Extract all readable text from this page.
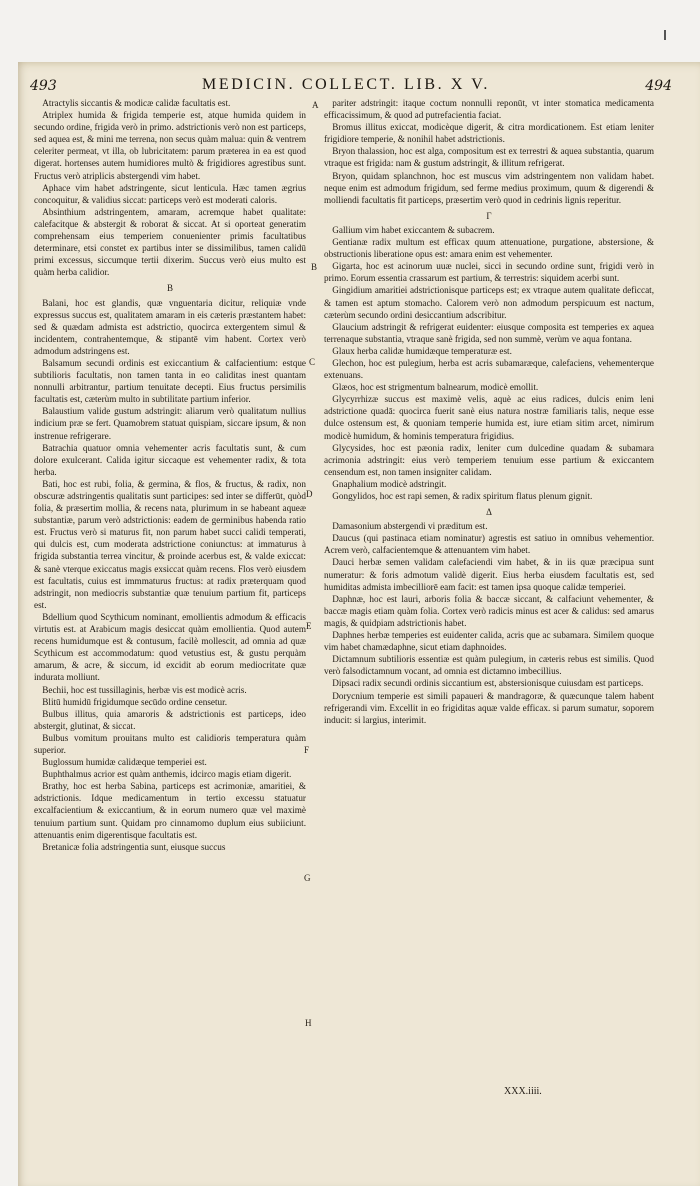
493	MEDICIN. COLLECT. LIB. X V.	494

Atractylis siccantis & modicæ calidæ facultatis est.

Atriplex humida & frigida temperie est, atque humida quidem in secundo ordine, frigida verò in primo. adstrictionis verò non est particeps, sed aquea est, & mini me terrena, non secus quàm malua: quin & ventrem celeriter permeat, vt illa, ob lubricitatem: parum præterea in ea est quod digerat. hortenses autem humidiores multò & frigidiores agrestibus sunt. Fructus verò atriplicis abstergendi vim habet.

Aphace vim habet adstringente, sicut lenticula. Hæc tamen ægrius concoquitur, & validius siccat: particeps verò est moderati caloris.

Absinthium adstringentem, amaram, acremque habet qualitate: calefacitque & abstergit & roborat & siccat. At si oporteat generatim comprehensam eius temperiem conuenienter primis facultatibus determinare, etsi constet ex partibus inter se dissimilibus, tamen calidū primi excessus, siccumque tertii dixerim. Succus verò eius multo est quàm herba calidior.

B

Balani, hoc est glandis, quæ vnguentaria dicitur, reliquiæ vnde expressus succus est, qualitatem amaram in eis cæteris præstantem habet: sed & quædam admista est adstrictio, quocirca extergentem simul & incidentem, contrahentemque, & stipantē vim habent. Cortex verò admodum adstringens est.

Balsamum secundi ordinis est exiccantium & calfacientium: estque subtilioris facultatis, non tamen tanta in eo caliditas inest quantam nonnulli arbitrantur, partium tenuitate decepti. Eius fructus persimilis facultatis est, cæterùm multo in subtilitate partium inferior.

Balaustium valide gustum adstringit: aliarum verò qualitatum nullius indicium præ se fert. Quamobrem statuat quispiam, siccare ipsum, & non instrenue refrigerare.

Batrachia quatuor omnia vehementer acris facultatis sunt, & cum dolore exulcerant. Calida igitur siccaque est vehementer radix, & tota herba.

Bati, hoc est rubi, folia, & germina, & flos, & fructus, & radix, non obscuræ adstringentis qualitatis sunt participes: sed inter se differūt, quòd folia, & præsertim mollia, & recens nata, plurimum in se habeant aqueæ substantiæ, parum verò adstrictionis: eadem de germinibus habenda ratio est. Fructus verò si maturus fit, non parum habet succi calidi temperati, qui dulcis est, cum moderata adstrictione coniunctus: at immaturus à frigida substantia terrea vincitur, & proinde acerbus est, & valde exiccat: & sanè vterque exiccatus magis exsiccat quàm recens. Flos verò eiusdem est facultatis, cuius est immmaturus fructus: at radix præterquam quod adstringit, non mediocris substantiæ quæ tenuium partium fit, particeps est.

Bdellium quod Scythicum nominant, emollientis admodum & efficacis virtutis est. at Arabicum magis desiccat quàm emollientia. Quod autem recens humidumque est & contusum, facilè mollescit, ad omnia ad quæ Scythicum est accommodatum: quod vetustius est, & gustu perquàm amarum, & acre, & siccum, id excidit ab eorum mediocritate quæ indurata molliunt.

Bechii, hoc est tussillaginis, herbæ vis est modicè acris.

Blitū humidū frigidumque secūdo ordine censetur.

Bulbus illitus, quia amaroris & adstrictionis est particeps, ideo abstergit, glutinat, & siccat.

Bulbus vomitum prouitans multo est calidioris temperatura quàm superior.

Buglossum humidæ calidæque temperiei est.

Buphthalmus acrior est quàm anthemis, idcirco magis etiam digerit.

Brathy, hoc est herba Sabina, particeps est acrimoniæ, amaritiei, & adstrictionis. Idque medicamentum in tertio excessu statuatur excalfacientium & exiccantium, & in eorum numero quæ vel maximè tenuium partium sunt. Quidam pro cinnamomo duplum eius subiiciunt. attenuantis enim digerentisque facultatis est.

Bretanicæ folia adstringentia sunt, eiusque succus

pariter adstringit: itaque coctum nonnulli reponūt, vt inter stomatica medicamenta efficacissimum, & quod ad putrefacientia faciat.

Bromus illitus exiccat, modicèque digerit, & citra mordicationem. Est etiam leniter frigidiore temperie, & nonihil habet adstrictionis.

Bryon thalassion, hoc est alga, compositum est ex terrestri & aquea substantia, quarum vtraque est frigida: nam & gustum adstringit, & illitum refrigerat.

Bryon, quidam splanchnon, hoc est muscus vim adstringentem non validam habet. neque enim est admodum frigidum, sed ferme medius proximum, quum & digerendi & molliendi facultatis fit particeps, præsertim verò quod in cedrinis lignis reperitur.

Γ

Gallium vim habet exiccantem & subacrem.

Gentianæ radix multum est efficax quum attenuatione, purgatione, abstersione, & obstructionis liberatione opus est: amara enim est vehementer.

Gigarta, hoc est acinorum uuæ nuclei, sicci in secundo ordine sunt, frigidi verò in primo. Eorum essentia crassarum est partium, & terrestris: siquidem acerbi sunt.

Gingidium amaritiei adstrictionisque particeps est; ex vtraque autem qualitate deficcat, & tamen est aptum stomacho. Calorem verò non admodum perspicuum est nactum, cæterùm secundo ordini desiccantium adscribitur.

Glaucium adstringit & refrigerat euidenter: eiusque composita est temperies ex aquea terrenaque substantia, vtraque sanè frigida, sed non summè, verùm ve aqua fontana.

Glaux herba calidæ humidæque temperaturæ est.

Glechon, hoc est pulegium, herba est acris subamaræque, calefaciens, vehementerque extenuans.

Glæos, hoc est strigmentum balnearum, modicè emollit.

Glycyrrhizæ succus est maximè velis, aquè ac eius radices, dulcis enim leni adstrictione quadā: quocirca fuerit sanè eius natura nostræ familiaris talis, neque esse dulce ostensum est, & quoniam temperie humida est, iure etiam sitim arcet, nimirum modicè humidum, & hominis temperatura frigidius.

Glycysides, hoc est pæonia radix, leniter cum dulcedine quadam & subamara acrimonia adstringit: eius verò temperiem tenuium esse partium & exiccantem censendum est, non tamen insigniter calidam.

Gnaphalium modicè adstringit.

Gongylidos, hoc est rapi semen, & radix spiritum flatus plenum gignit.

Δ

Damasonium abstergendi vi præditum est.

Daucus (qui pastinaca etiam nominatur) agrestis est satiuo in omnibus vehementior. Acrem verò, calfacientemque & attenuantem vim habet.

Dauci herbæ semen validam calefaciendi vim habet, & in iis quæ præcipua sunt numeratur: & foris admotum validè digerit. Eius herba eiusdem facultatis est, sed humiditas admista imbecilliorē eam facit: est tamen ipsa quoque calidæ temperiei.

Daphnæ, hoc est lauri, arboris folia & baccæ siccant, & calfaciunt vehementer, & baccæ magis etiam quàm folia. Cortex verò radicis minus est acer & calidus: sed amarus magis, & quidpiam adstrictionis habet.

Daphnes herbæ temperies est euidenter calida, acris que ac subamara. Similem quoque vim habet chamædaphne, sicut etiam daphnoides.

Dictamnum subtilioris essentiæ est quàm pulegium, in cæteris rebus est similis. Quod verò falsodictamnum vocant, ad omnia est dictamno imbecillius.

Dipsaci radix secundi ordinis siccantium est, abstersionisque cuiusdam est particeps.

Dorycnium temperie est simili papaueri & mandragoræ, & quæcunque talem habent refrigerandi vim. Excellit in eo frigiditas aquæ valde efficax. si parum sumatur, soporem inducit: si largius, interimit.

A
B
C
D
E
F
G
H
XXX.iiii.
